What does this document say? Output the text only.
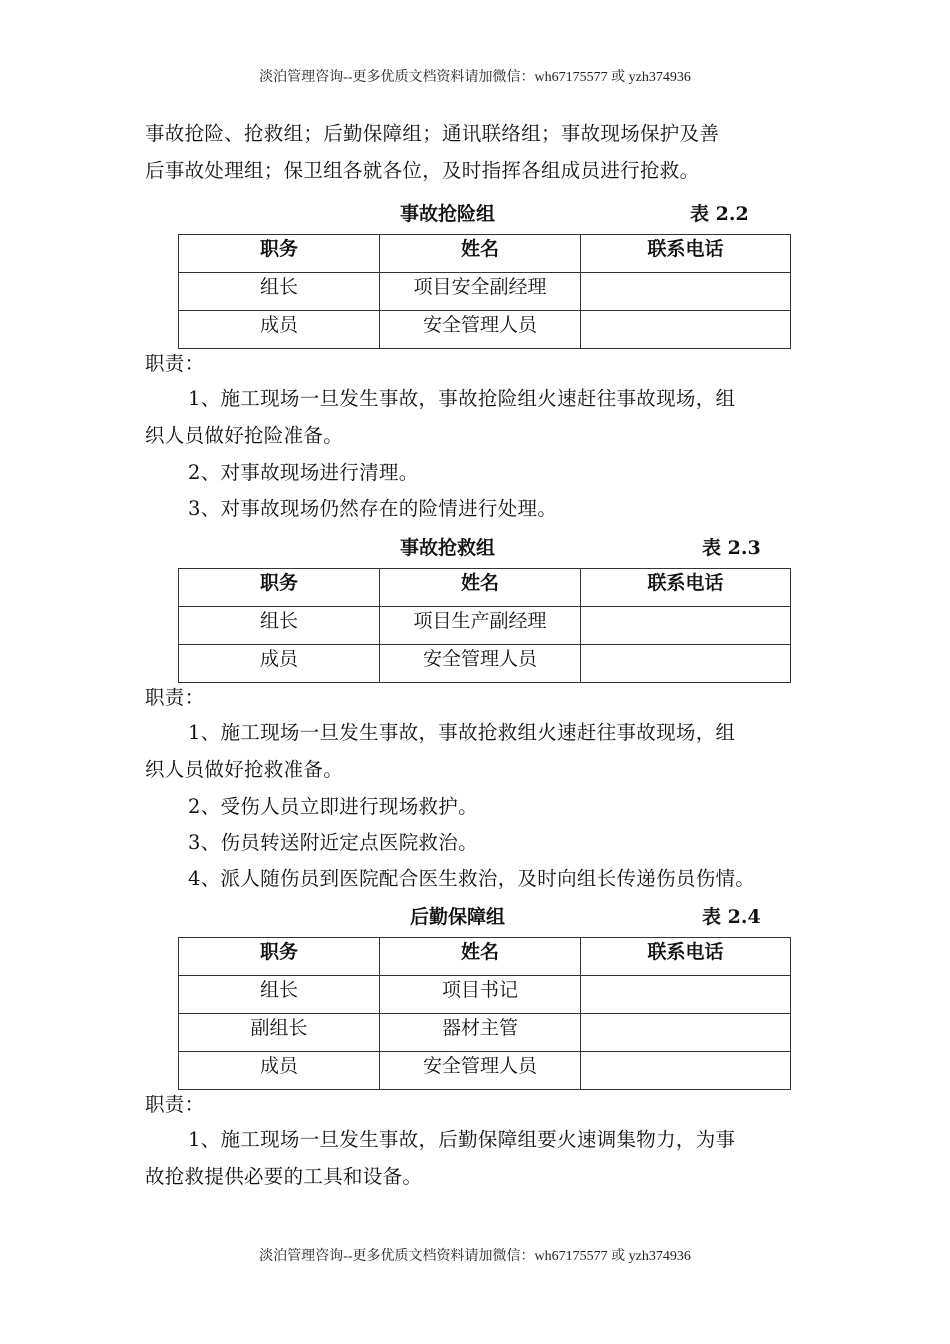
淡泊管理咨询--更多优质文档资料请加微信：wh67175577 或 yzh374936
事故抢险、抢救组；后勤保障组；通讯联络组；事故现场保护及善
后事故处理组；保卫组各就各位，及时指挥各组成员进行抢救。
事故抢险组	表 2.2
职务	姓名	联系电话
组长	项目安全副经理	
成员	安全管理人员	
职责：
1、施工现场一旦发生事故，事故抢险组火速赶往事故现场，组
织人员做好抢险准备。
2、对事故现场进行清理。
3、对事故现场仍然存在的险情进行处理。
事故抢救组	表 2.3
职务	姓名	联系电话
组长	项目生产副经理	
成员	安全管理人员	
职责：
1、施工现场一旦发生事故，事故抢救组火速赶往事故现场，组
织人员做好抢救准备。
2、受伤人员立即进行现场救护。
3、伤员转送附近定点医院救治。
4、派人随伤员到医院配合医生救治，及时向组长传递伤员伤情。
后勤保障组	表 2.4
职务	姓名	联系电话
组长	项目书记	
副组长	器材主管	
成员	安全管理人员	
职责：
1、施工现场一旦发生事故，后勤保障组要火速调集物力，为事
故抢救提供必要的工具和设备。
淡泊管理咨询--更多优质文档资料请加微信：wh67175577 或 yzh374936
